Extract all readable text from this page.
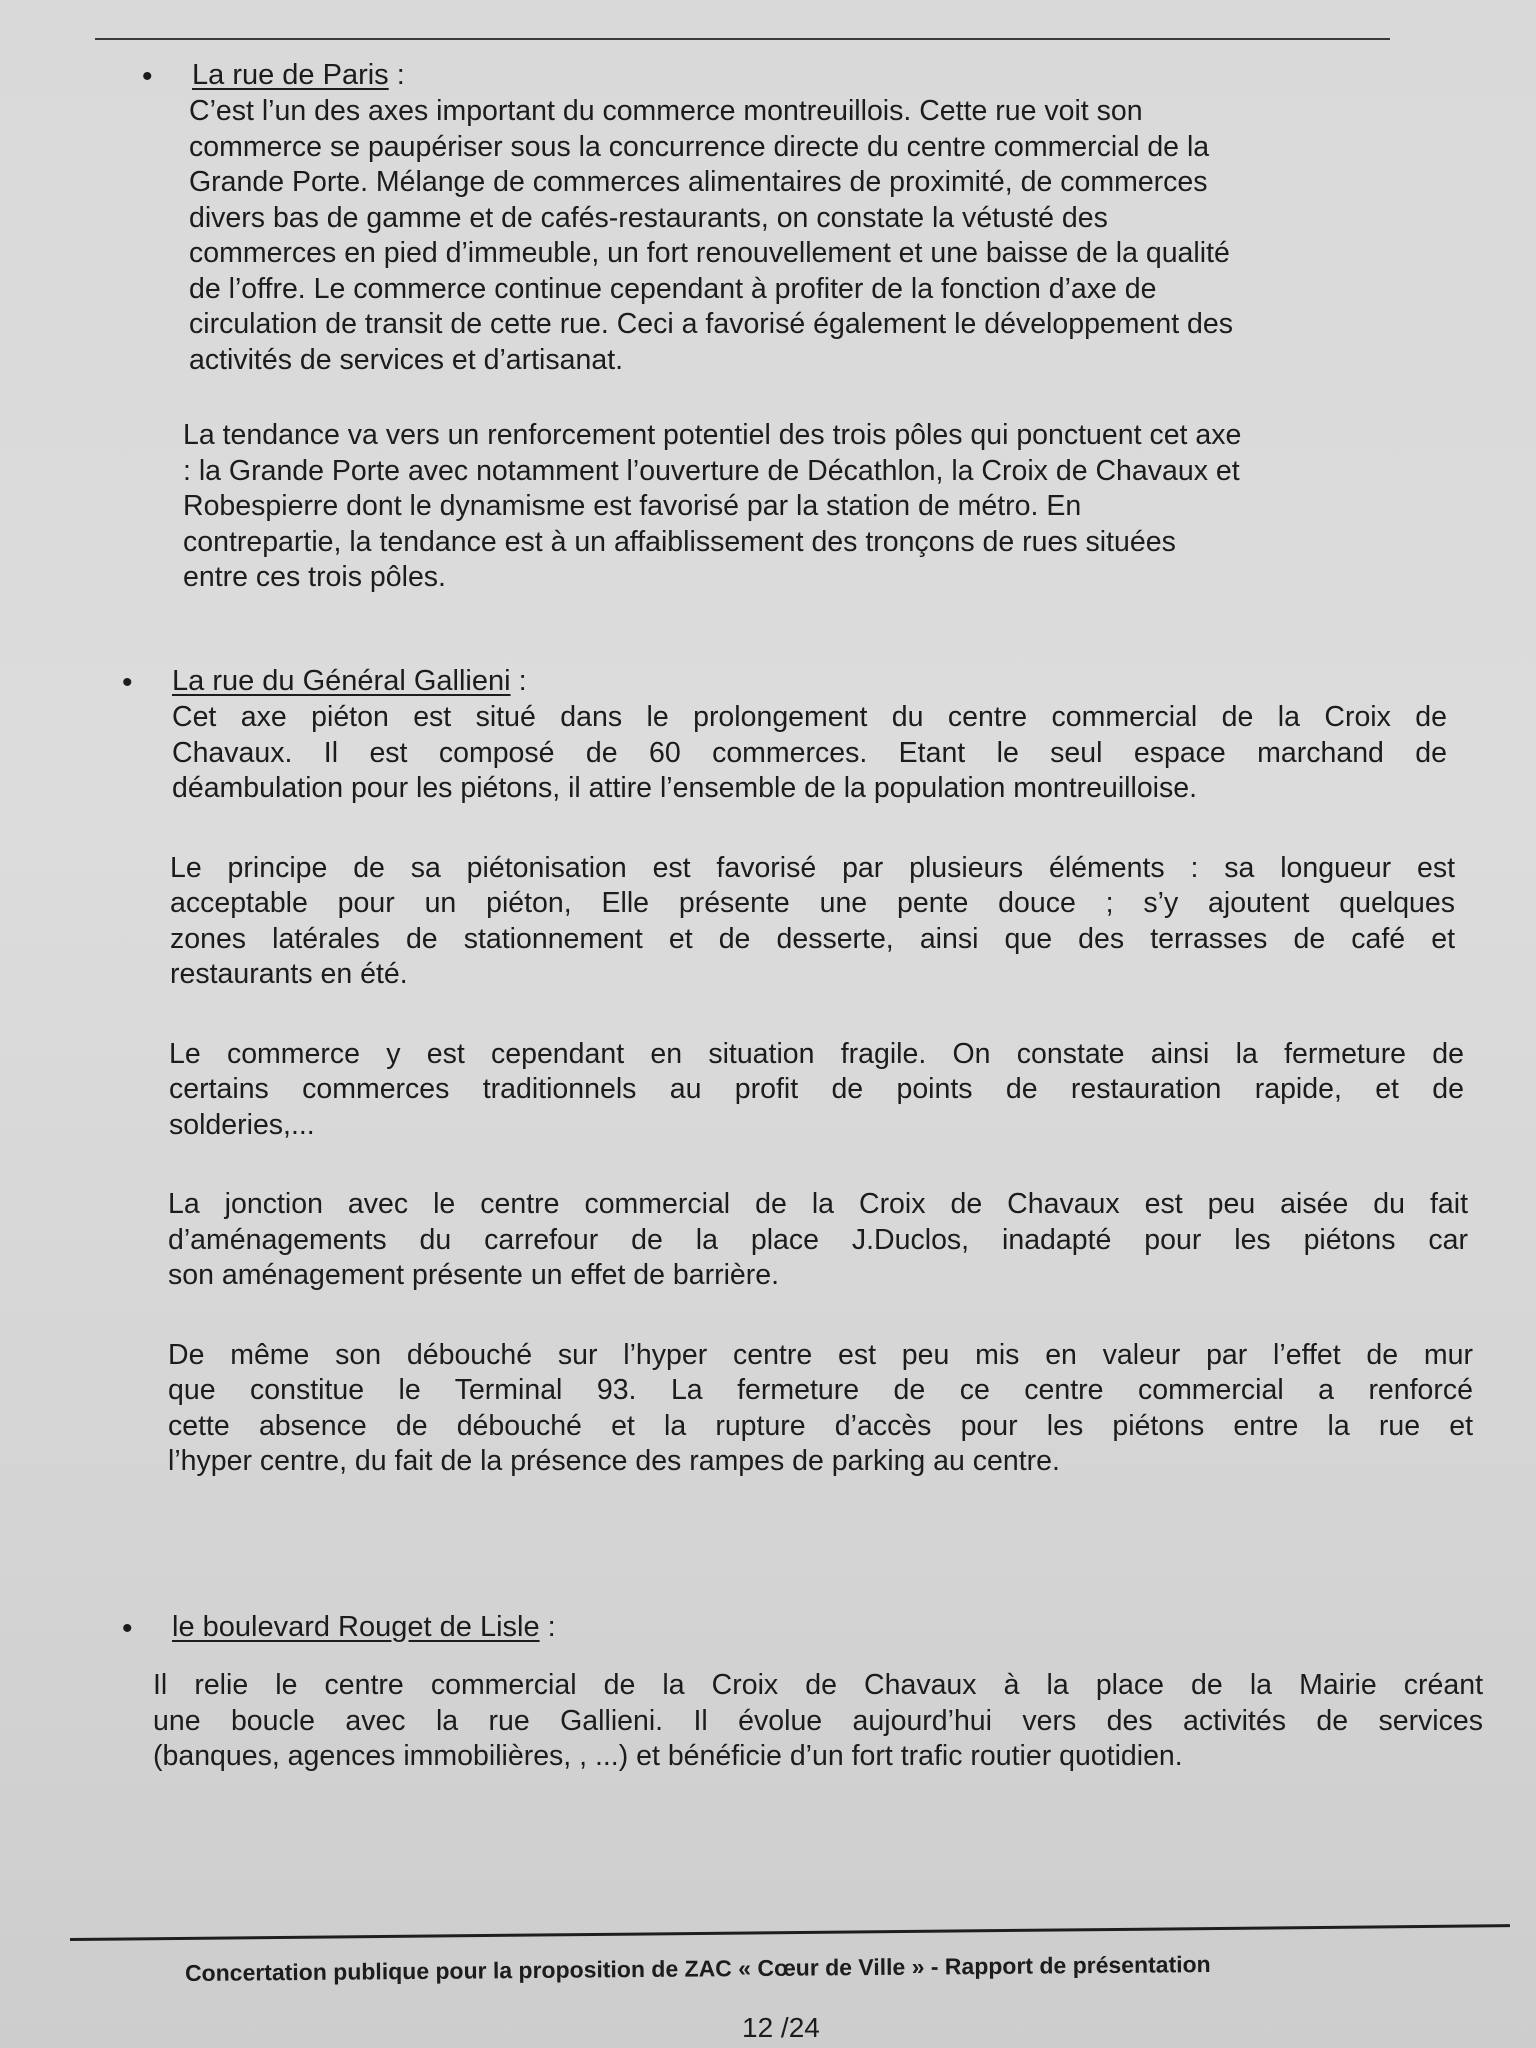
•	La rue de Paris :
C’est l’un des axes important du commerce montreuillois. Cette rue voit son
commerce se paupériser sous la concurrence directe du centre commercial de la
Grande Porte. Mélange de commerces alimentaires de proximité, de commerces
divers bas de gamme et de cafés-restaurants, on constate la vétusté des
commerces en pied d’immeuble, un fort renouvellement et une baisse de la qualité
de l’offre. Le commerce continue cependant à profiter de la fonction d’axe de
circulation de transit de cette rue. Ceci a favorisé également le développement des
activités de services et d’artisanat.
La tendance va vers un renforcement potentiel des trois pôles qui ponctuent cet axe
: la Grande Porte avec notamment l’ouverture de Décathlon, la Croix de Chavaux et
Robespierre dont le dynamisme est favorisé par la station de métro. En
contrepartie, la tendance est à un affaiblissement des tronçons de rues situées
entre ces trois pôles.
•	La rue du Général Gallieni :
Cet axe piéton est situé dans le prolongement du centre commercial de la Croix de
Chavaux. Il est composé de 60 commerces. Etant le seul espace marchand de
déambulation pour les piétons, il attire l’ensemble de la population montreuilloise.
Le principe de sa piétonisation est favorisé par plusieurs éléments : sa longueur est
acceptable pour un piéton, Elle présente une pente douce ; s’y ajoutent quelques
zones latérales de stationnement et de desserte, ainsi que des terrasses de café et
restaurants en été.
Le commerce y est cependant en situation fragile. On constate ainsi la fermeture de
certains commerces traditionnels au profit de points de restauration rapide, et de
solderies,...
La jonction avec le centre commercial de la Croix de Chavaux est peu aisée du fait
d’aménagements du carrefour de la place J.Duclos, inadapté pour les piétons car
son aménagement présente un effet de barrière.
De même son débouché sur l’hyper centre est peu mis en valeur par l’effet de mur
que constitue le Terminal 93. La fermeture de ce centre commercial a renforcé
cette absence de débouché et la rupture d’accès pour les piétons entre la rue et
l’hyper centre, du fait de la présence des rampes de parking au centre.
•	le boulevard Rouget de Lisle :
Il relie le centre commercial de la Croix de Chavaux à la place de la Mairie créant
une boucle avec la rue Gallieni. Il évolue aujourd’hui vers des activités de services
(banques, agences immobilières, , ...) et bénéficie d’un fort trafic routier quotidien.
Concertation publique pour la proposition de ZAC « Cœur de Ville » - Rapport de présentation
12 /24
